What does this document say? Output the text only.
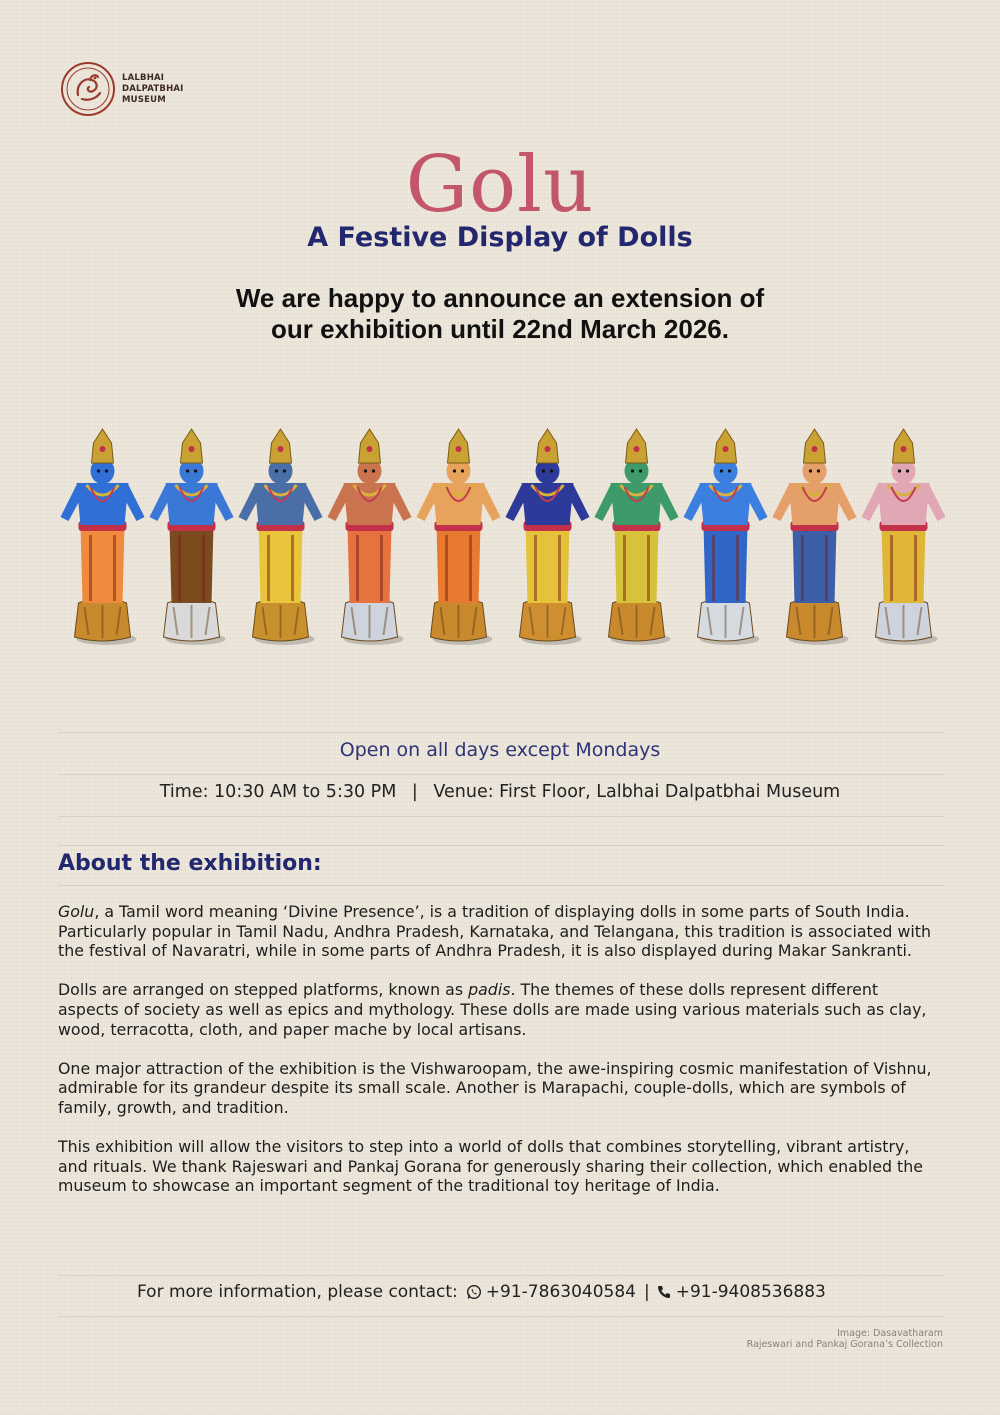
LALBHAI
DALPATBHAI
MUSEUM
Golu
A Festive Display of Dolls
We are happy to announce an extension of
our exhibition until 22nd March 2026.
Open on all days except Mondays
Time: 10:30 AM to 5:30 PM | Venue: First Floor, Lalbhai Dalpatbhai Museum
About the exhibition:

Golu, a Tamil word meaning ‘Divine Presence’, is a tradition of displaying dolls in some parts of South India. Particularly popular in Tamil Nadu, Andhra Pradesh, Karnataka, and Telangana, this tradition is associated with the festival of Navaratri, while in some parts of Andhra Pradesh, it is also displayed during Makar Sankranti.

Dolls are arranged on stepped platforms, known as padis. The themes of these dolls represent different aspects of society as well as epics and mythology. These dolls are made using various materials such as clay, wood, terracotta, cloth, and paper mache by local artisans.

One major attraction of the exhibition is the Vishwaroopam, the awe-inspiring cosmic manifestation of Vishnu, admirable for its grandeur despite its small scale. Another is Marapachi, couple-dolls, which are symbols of family, growth, and tradition.

This exhibition will allow the visitors to step into a world of dolls that combines storytelling, vibrant artistry, and rituals. We thank Rajeswari and Pankaj Gorana for generously sharing their collection, which enabled the museum to showcase an important segment of the traditional toy heritage of India.

For more information, please contact: +91-7863040584 | +91-9408536883
Image: Dasavatharam
Rajeswari and Pankaj Gorana’s Collection
